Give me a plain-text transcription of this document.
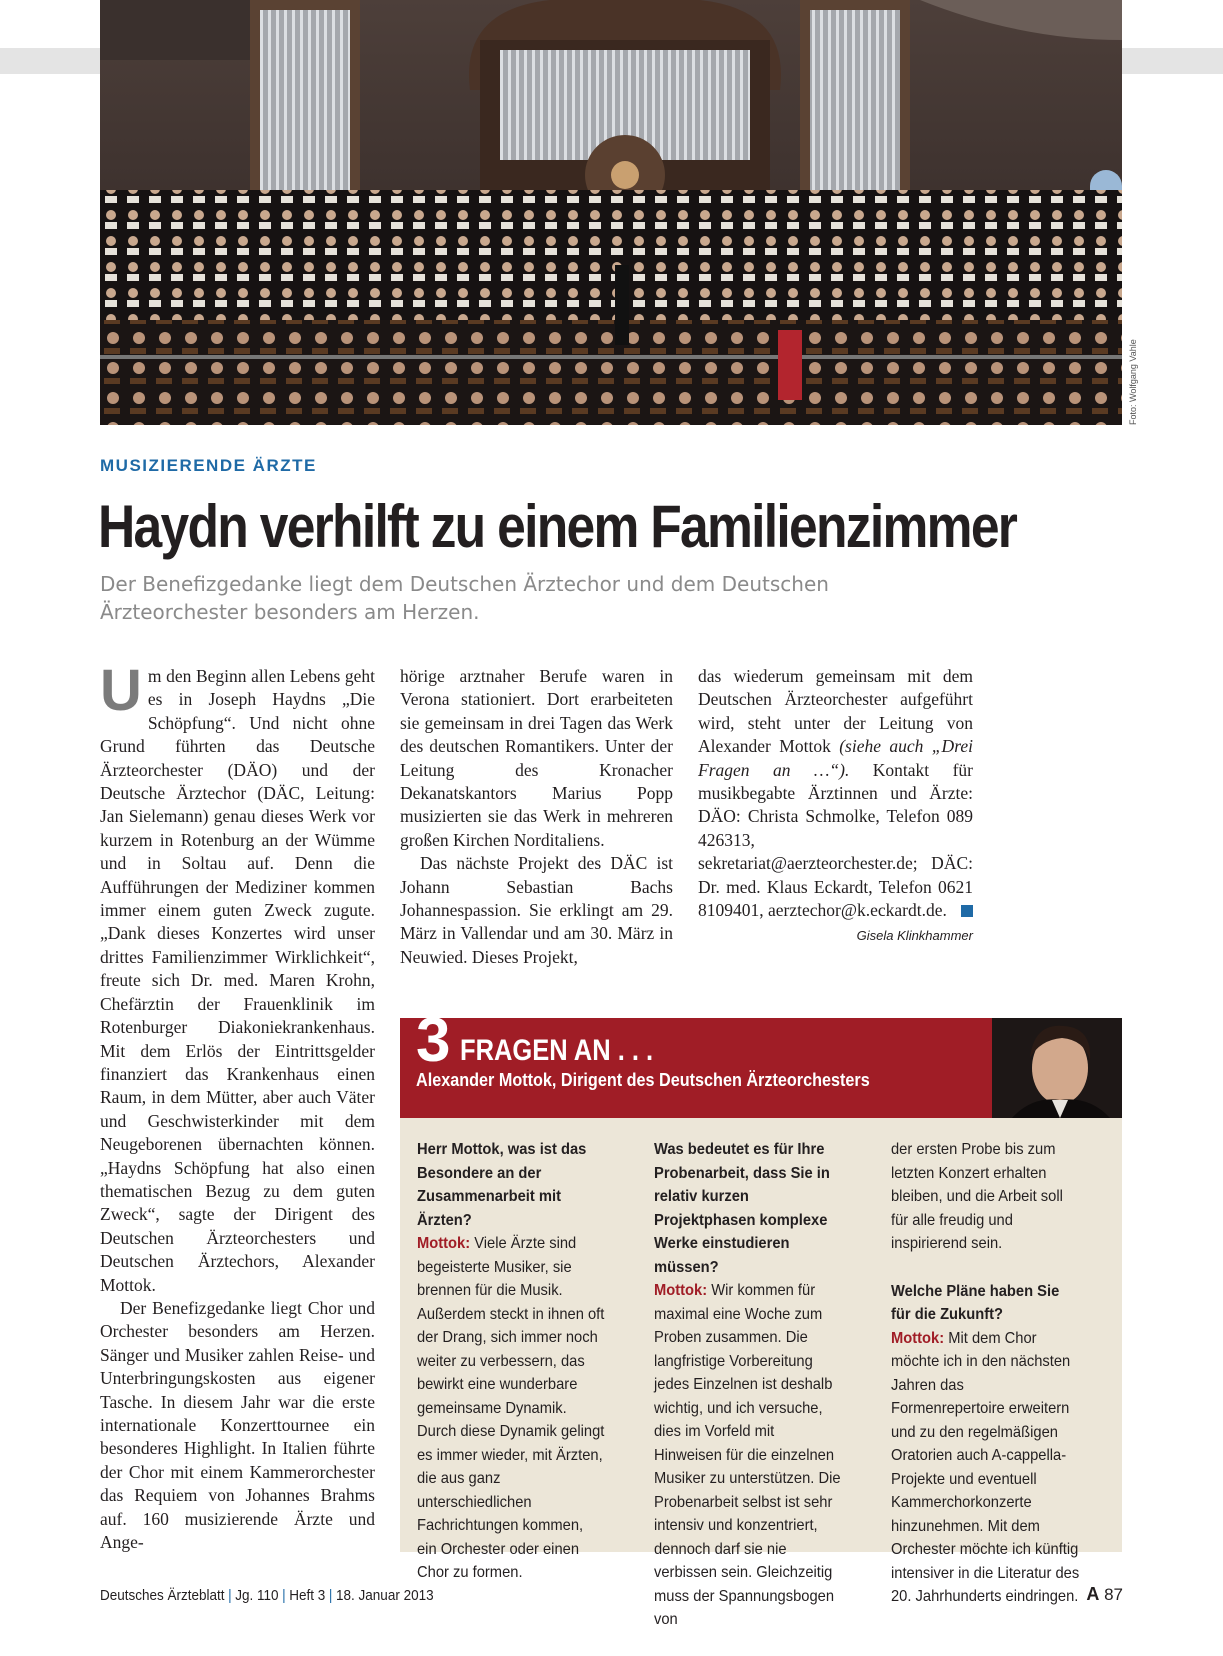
Foto: Wolfgang Vahle
MUSIZIERENDE ÄRZTE
Haydn verhilft zu einem Familienzimmer
Der Benefizgedanke liegt dem Deutschen Ärztechor und dem Deutschen Ärzteorchester besonders am Herzen.

Um den Beginn allen Lebens geht es in Joseph Haydns „Die Schöpfung“. Und nicht ohne Grund führten das Deutsche Ärzteorchester (DÄO) und der Deutsche Ärztechor (DÄC, Leitung: Jan Sielemann) genau dieses Werk vor kurzem in Rotenburg an der Wümme und in Soltau auf. Denn die Aufführungen der Mediziner kommen immer einem guten Zweck zugute. „Dank dieses Konzertes wird unser drittes Familienzimmer Wirklichkeit“, freute sich Dr. med. Maren Krohn, Chefärztin der Frauenklinik im Rotenburger Diakoniekrankenhaus. Mit dem Erlös der Eintrittsgelder finanziert das Krankenhaus einen Raum, in dem Mütter, aber auch Väter und Geschwisterkinder mit dem Neugeborenen übernachten können. „Haydns Schöpfung hat also einen thematischen Bezug zu dem guten Zweck“, sagte der Dirigent des Deutschen Ärzteorchesters und Deutschen Ärztechors, Alexander Mottok.

Der Benefizgedanke liegt Chor und Orchester besonders am Herzen. Sänger und Musiker zahlen Reise- und Unterbringungskosten aus eigener Tasche. In diesem Jahr war die erste internationale Konzerttournee ein besonderes Highlight. In Italien führte der Chor mit einem Kammerorchester das Requiem von Johannes Brahms auf. 160 musizierende Ärzte und Ange-

hörige arztnaher Berufe waren in Verona stationiert. Dort erarbeiteten sie gemeinsam in drei Tagen das Werk des deutschen Romantikers. Unter der Leitung des Kronacher Dekanatskantors Marius Popp musizierten sie das Werk in mehreren großen Kirchen Norditaliens.

Das nächste Projekt des DÄC ist Johann Sebastian Bachs Johannespassion. Sie erklingt am 29. März in Vallendar und am 30. März in Neuwied. Dieses Projekt,

das wiederum gemeinsam mit dem Deutschen Ärzteorchester aufgeführt wird, steht unter der Leitung von Alexander Mottok (siehe auch „Drei Fragen an …“). Kontakt für musikbegabte Ärztinnen und Ärzte: DÄO: Christa Schmolke, Telefon 089 426313, sekretariat@aerzteorchester.de; DÄC: Dr. med. Klaus Eckardt, Telefon 0621 8109401, aerztechor@k.eckardt.de.

Gisela Klinkhammer
3 FRAGEN AN . . .
Alexander Mottok, Dirigent des Deutschen Ärzteorchesters

Herr Mottok, was ist das Besondere an der Zusammenarbeit mit Ärzten?
Mottok: Viele Ärzte sind begeisterte Musiker, sie brennen für die Musik. Außerdem steckt in ihnen oft der Drang, sich immer noch weiter zu verbessern, das bewirkt eine wunderbare gemeinsame Dynamik. Durch diese Dynamik gelingt es immer wieder, mit Ärzten, die aus ganz unterschiedlichen Fachrichtungen kommen, ein Orchester oder einen Chor zu formen.

Was bedeutet es für Ihre Probenarbeit, dass Sie in relativ kurzen Projektphasen komplexe Werke einstudieren müssen?
Mottok: Wir kommen für maximal eine Woche zum Proben zusammen. Die langfristige Vorbereitung jedes Einzelnen ist deshalb wichtig, und ich versuche, dies im Vorfeld mit Hinweisen für die einzelnen Musiker zu unterstützen. Die Probenarbeit selbst ist sehr intensiv und konzentriert, dennoch darf sie nie verbissen sein. Gleichzeitig muss der Spannungsbogen von

der ersten Probe bis zum letzten Konzert erhalten bleiben, und die Arbeit soll für alle freudig und inspirierend sein.

Welche Pläne haben Sie für die Zukunft?
Mottok: Mit dem Chor möchte ich in den nächsten Jahren das Formenrepertoire erweitern und zu den regelmäßigen Oratorien auch A-cappella-Projekte und eventuell Kammerchorkonzerte hinzunehmen. Mit dem Orchester möchte ich künftig intensiver in die Literatur des 20. Jahrhunderts eindringen.

Deutsches Ärzteblatt | Jg. 110 | Heft 3 | 18. Januar 2013	A 87
